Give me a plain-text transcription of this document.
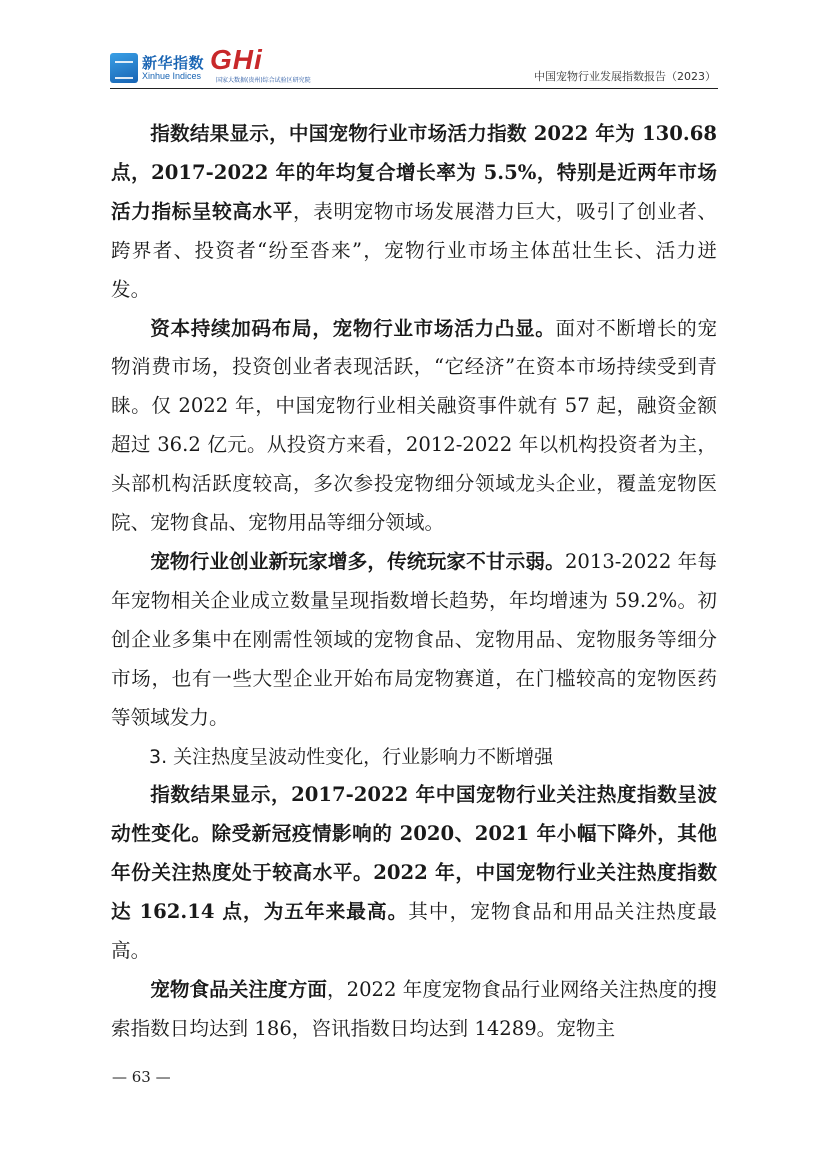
新华指数
Xinhue Indices
GHi
国家大数据(贵州)综合试验区研究院	中国宠物行业发展指数报告（2023）

指数结果显示，中国宠物行业市场活力指数 2022 年为 130.68 点，2017-2022 年的年均复合增长率为 5.5%，特别是近两年市场活力指标呈较高水平，表明宠物市场发展潜力巨大，吸引了创业者、跨界者、投资者“纷至沓来”，宠物行业市场主体茁壮生长、活力迸发。

资本持续加码布局，宠物行业市场活力凸显。面对不断增长的宠物消费市场，投资创业者表现活跃，“它经济”在资本市场持续受到青睐。仅 2022 年，中国宠物行业相关融资事件就有 57 起，融资金额超过 36.2 亿元。从投资方来看，2012-2022 年以机构投资者为主，头部机构活跃度较高，多次参投宠物细分领域龙头企业，覆盖宠物医院、宠物食品、宠物用品等细分领域。

宠物行业创业新玩家增多，传统玩家不甘示弱。2013-2022 年每年宠物相关企业成立数量呈现指数增长趋势，年均增速为 59.2%。初创企业多集中在刚需性领域的宠物食品、宠物用品、宠物服务等细分市场，也有一些大型企业开始布局宠物赛道，在门槛较高的宠物医药等领域发力。

3. 关注热度呈波动性变化，行业影响力不断增强

指数结果显示，2017-2022 年中国宠物行业关注热度指数呈波动性变化。除受新冠疫情影响的 2020、2021 年小幅下降外，其他年份关注热度处于较高水平。2022 年，中国宠物行业关注热度指数达 162.14 点，为五年来最高。其中，宠物食品和用品关注热度最高。

宠物食品关注度方面，2022 年度宠物食品行业网络关注热度的搜索指数日均达到 186，咨讯指数日均达到 14289。宠物主

— 63 —
